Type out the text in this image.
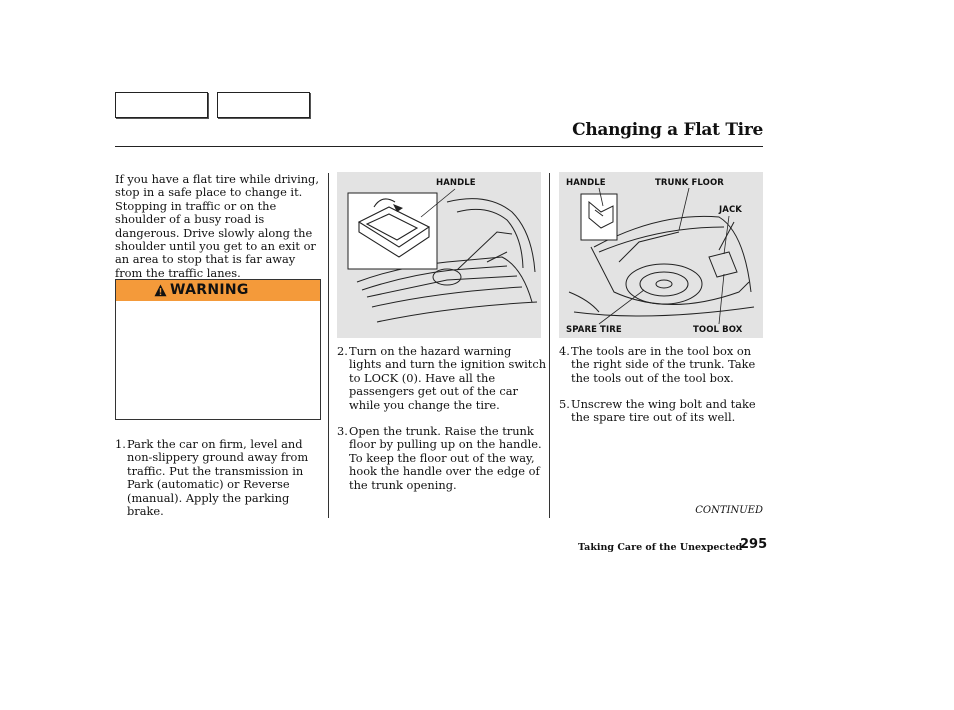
Changing a Flat Tire
If you have a flat tire while driving, stop in a safe place to change it. Stopping in traffic or on the shoulder of a busy road is dangerous. Drive slowly along the shoulder until you get to an exit or an area to stop that is far away from the traffic lanes.
WARNING
1. Park the car on firm, level and non-slippery ground away from traffic. Put the transmission in Park (automatic) or Reverse (manual). Apply the parking brake.
HANDLE
2. Turn on the hazard warning lights and turn the ignition switch to LOCK (0). Have all the passengers get out of the car while you change the tire.
3. Open the trunk. Raise the trunk floor by pulling up on the handle. To keep the floor out of the way, hook the handle over the edge of the trunk opening.
HANDLE	TRUNK FLOOR
JACK
SPARE TIRE	TOOL BOX
4. The tools are in the tool box on the right side of the trunk. Take the tools out of the tool box.
5. Unscrew the wing bolt and take the spare tire out of its well.
CONTINUED
Taking Care of the Unexpected
295
